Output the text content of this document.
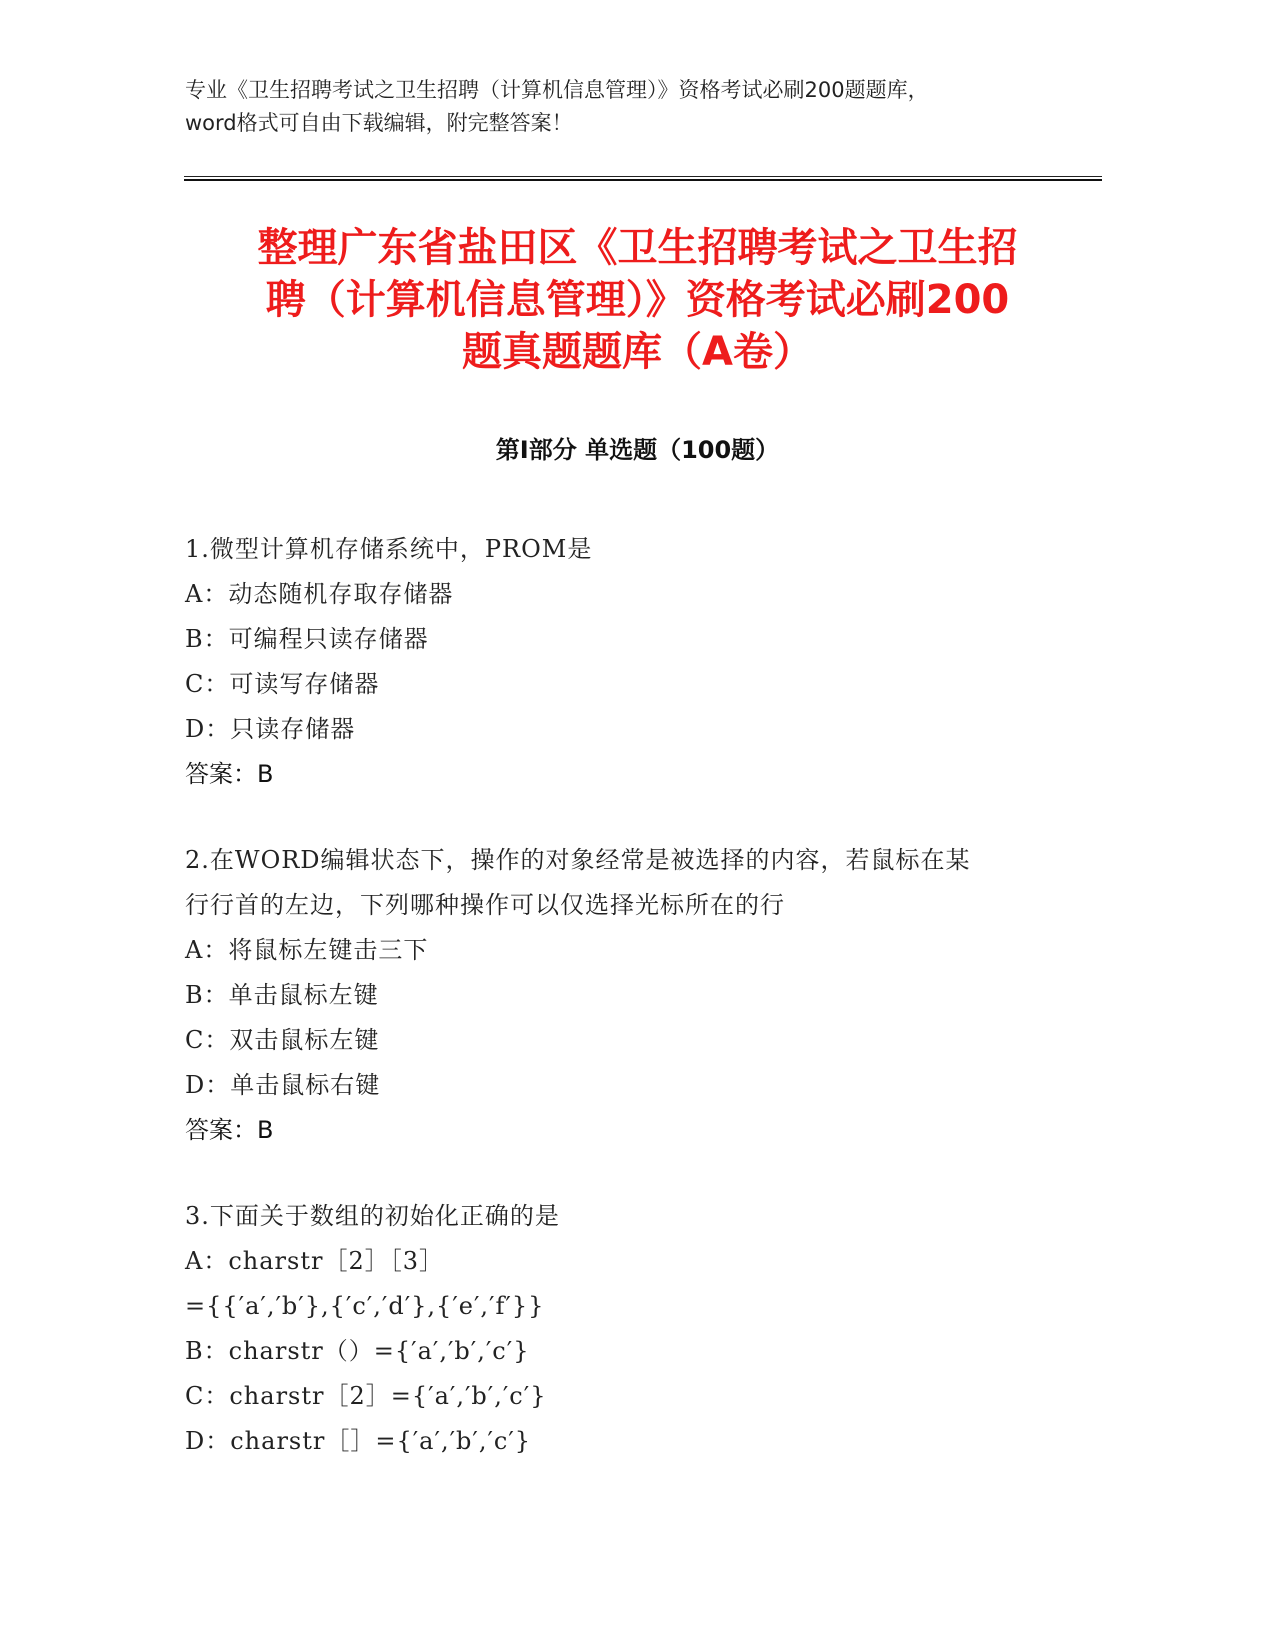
专业《卫生招聘考试之卫生招聘（计算机信息管理）》资格考试必刷200题题库，
word格式可自由下载编辑，附完整答案！
整理广东省盐田区《卫生招聘考试之卫生招
聘（计算机信息管理）》资格考试必刷200
题真题题库（A卷）
第I部分 单选题（100题）
1.微型计算机存储系统中，PROM是
A：动态随机存取存储器
B：可编程只读存储器
C：可读写存储器
D：只读存储器
答案：B
2.在WORD编辑状态下，操作的对象经常是被选择的内容，若鼠标在某
行行首的左边，下列哪种操作可以仅选择光标所在的行
A：将鼠标左键击三下
B：单击鼠标左键
C：双击鼠标左键
D：单击鼠标右键
答案：B
3.下面关于数组的初始化正确的是
A：charstr［2］［3］
={{′a′,′b′},{′c′,′d′},{′e′,′f′}}
B：charstr（）={′a′,′b′,′c′}
C：charstr［2］={′a′,′b′,′c′}
D：charstr［］={′a′,′b′,′c′}
